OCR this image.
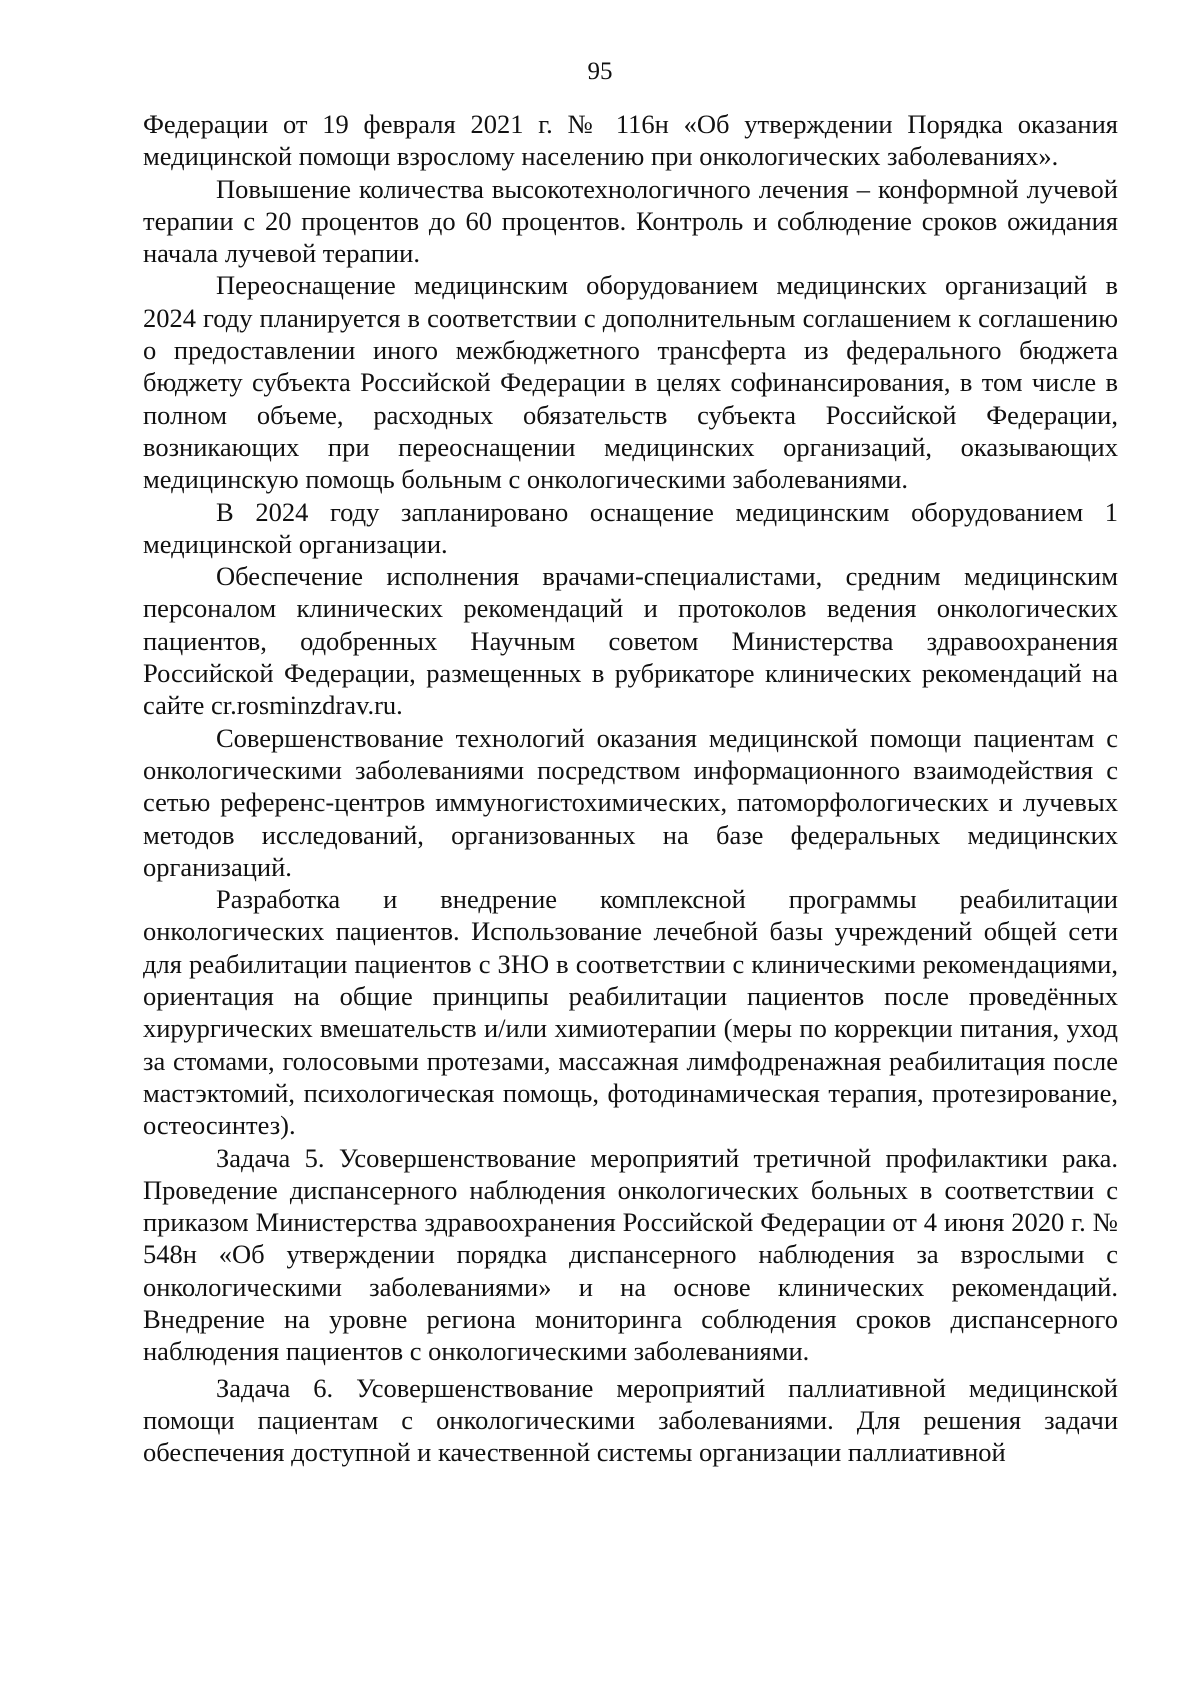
95

Федерации от 19 февраля 2021 г. № 116н «Об утверждении Порядка оказания медицинской помощи взрослому населению при онкологических заболеваниях».

Повышение количества высокотехнологичного лечения – конформной лучевой терапии с 20 процентов до 60 процентов. Контроль и соблюдение сроков ожидания начала лучевой терапии.

Переоснащение медицинским оборудованием медицинских организаций в 2024 году планируется в соответствии с дополнительным соглашением к соглашению о предоставлении иного межбюджетного трансферта из федерального бюджета бюджету субъекта Российской Федерации в целях софинансирования, в том числе в полном объеме, расходных обязательств субъекта Российской Федерации, возникающих при переоснащении медицинских организаций, оказывающих медицинскую помощь больным с онкологическими заболеваниями.

В 2024 году запланировано оснащение медицинским оборудованием 1 медицинской организации.

Обеспечение исполнения врачами-специалистами, средним медицинским персоналом клинических рекомендаций и протоколов ведения онкологических пациентов, одобренных Научным советом Министерства здравоохранения Российской Федерации, размещенных в рубрикаторе клинических рекомендаций на сайте cr.rosminzdrav.ru.

Совершенствование технологий оказания медицинской помощи пациентам с онкологическими заболеваниями посредством информационного взаимодействия с сетью референс-центров иммуногистохимических, патоморфологических и лучевых методов исследований, организованных на базе федеральных медицинских организаций.

Разработка и внедрение комплексной программы реабилитации онкологических пациентов. Использование лечебной базы учреждений общей сети для реабилитации пациентов с ЗНО в соответствии с клиническими рекомендациями, ориентация на общие принципы реабилитации пациентов после проведённых хирургических вмешательств и/или химиотерапии (меры по коррекции питания, уход за стомами, голосовыми протезами, массажная лимфодренажная реабилитация после мастэктомий, психологическая помощь, фотодинамическая терапия, протезирование, остеосинтез).

Задача 5. Усовершенствование мероприятий третичной профилактики рака. Проведение диспансерного наблюдения онкологических больных в соответствии с приказом Министерства здравоохранения Российской Федерации от 4 июня 2020 г. № 548н «Об утверждении порядка диспансерного наблюдения за взрослыми с онкологическими заболеваниями» и на основе клинических рекомендаций. Внедрение на уровне региона мониторинга соблюдения сроков диспансерного наблюдения пациентов с онкологическими заболеваниями.

Задача 6. Усовершенствование мероприятий паллиативной медицинской помощи пациентам с онкологическими заболеваниями. Для решения задачи обеспечения доступной и качественной системы организации паллиативной
